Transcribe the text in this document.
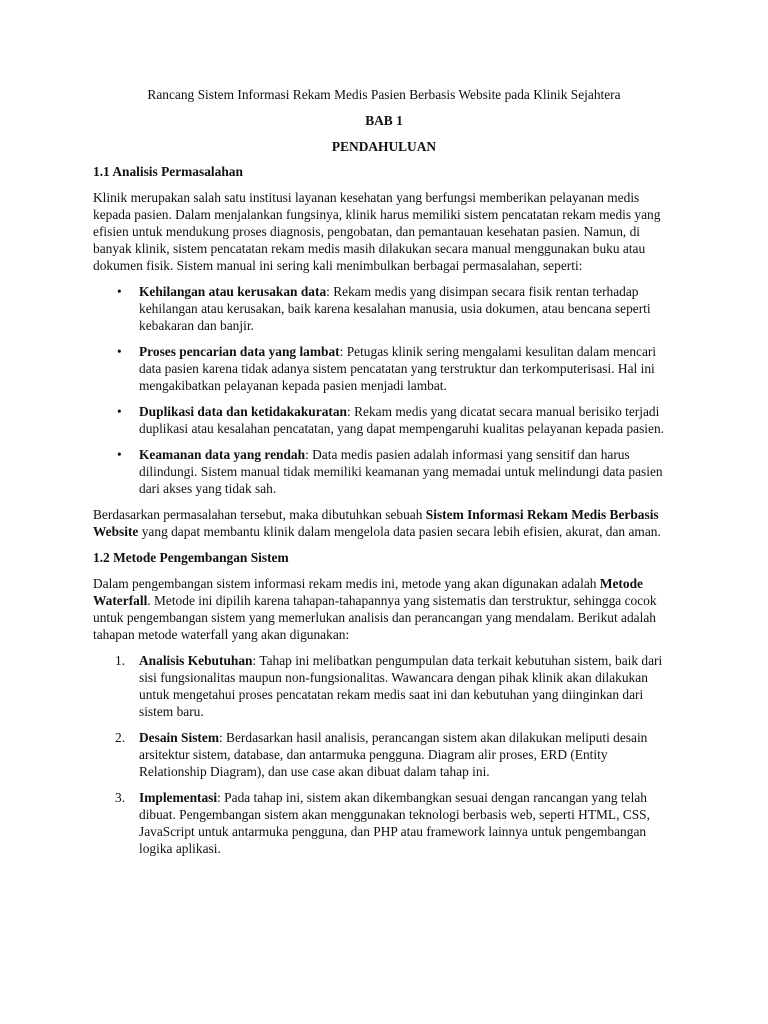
Rancang Sistem Informasi Rekam Medis Pasien Berbasis Website pada Klinik Sejahtera
BAB 1
PENDAHULUAN
1.1 Analisis Permasalahan

Klinik merupakan salah satu institusi layanan kesehatan yang berfungsi memberikan pelayanan medis kepada pasien. Dalam menjalankan fungsinya, klinik harus memiliki sistem pencatatan rekam medis yang efisien untuk mendukung proses diagnosis, pengobatan, dan pemantauan kesehatan pasien. Namun, di banyak klinik, sistem pencatatan rekam medis masih dilakukan secara manual menggunakan buku atau dokumen fisik. Sistem manual ini sering kali menimbulkan berbagai permasalahan, seperti:

• Kehilangan atau kerusakan data: Rekam medis yang disimpan secara fisik rentan terhadap kehilangan atau kerusakan, baik karena kesalahan manusia, usia dokumen, atau bencana seperti kebakaran dan banjir.
• Proses pencarian data yang lambat: Petugas klinik sering mengalami kesulitan dalam mencari data pasien karena tidak adanya sistem pencatatan yang terstruktur dan terkomputerisasi. Hal ini mengakibatkan pelayanan kepada pasien menjadi lambat.
• Duplikasi data dan ketidakakuratan: Rekam medis yang dicatat secara manual berisiko terjadi duplikasi atau kesalahan pencatatan, yang dapat mempengaruhi kualitas pelayanan kepada pasien.
• Keamanan data yang rendah: Data medis pasien adalah informasi yang sensitif dan harus dilindungi. Sistem manual tidak memiliki keamanan yang memadai untuk melindungi data pasien dari akses yang tidak sah.

Berdasarkan permasalahan tersebut, maka dibutuhkan sebuah Sistem Informasi Rekam Medis Berbasis Website yang dapat membantu klinik dalam mengelola data pasien secara lebih efisien, akurat, dan aman.

1.2 Metode Pengembangan Sistem

Dalam pengembangan sistem informasi rekam medis ini, metode yang akan digunakan adalah Metode Waterfall. Metode ini dipilih karena tahapan-tahapannya yang sistematis dan terstruktur, sehingga cocok untuk pengembangan sistem yang memerlukan analisis dan perancangan yang mendalam. Berikut adalah tahapan metode waterfall yang akan digunakan:

1. Analisis Kebutuhan: Tahap ini melibatkan pengumpulan data terkait kebutuhan sistem, baik dari sisi fungsionalitas maupun non-fungsionalitas. Wawancara dengan pihak klinik akan dilakukan untuk mengetahui proses pencatatan rekam medis saat ini dan kebutuhan yang diinginkan dari sistem baru.
2. Desain Sistem: Berdasarkan hasil analisis, perancangan sistem akan dilakukan meliputi desain arsitektur sistem, database, dan antarmuka pengguna. Diagram alir proses, ERD (Entity Relationship Diagram), dan use case akan dibuat dalam tahap ini.
3. Implementasi: Pada tahap ini, sistem akan dikembangkan sesuai dengan rancangan yang telah dibuat. Pengembangan sistem akan menggunakan teknologi berbasis web, seperti HTML, CSS, JavaScript untuk antarmuka pengguna, dan PHP atau framework lainnya untuk pengembangan logika aplikasi.
